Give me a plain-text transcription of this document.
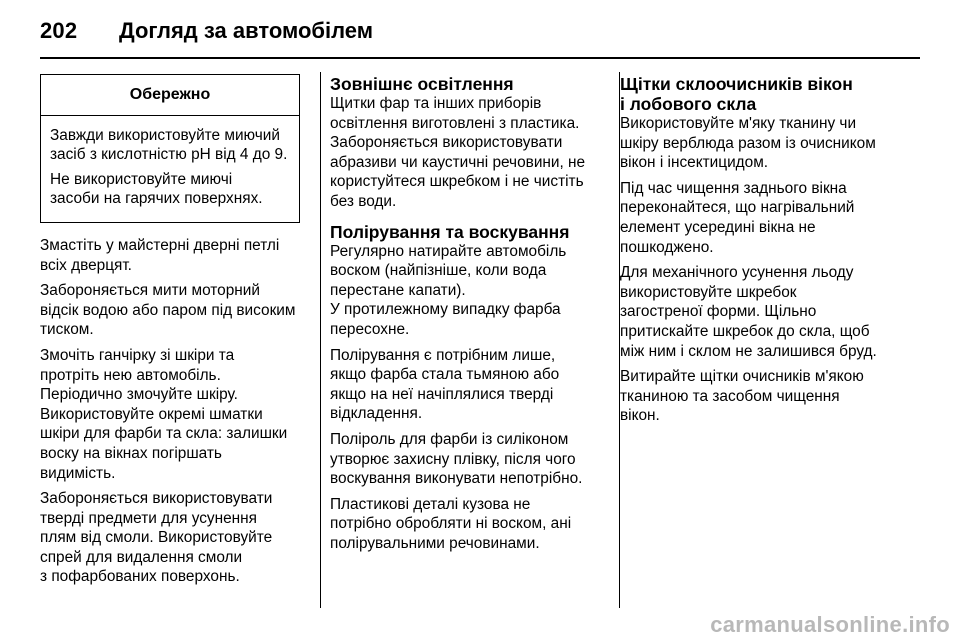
202 Догляд за автомобілем
Обережно

Завжди використовуйте миючий
засіб з кислотністю pH від 4 до 9.

Не використовуйте миючі
засоби на гарячих поверхнях.

Змастіть у майстерні дверні петлі
всіх дверцят.

Забороняється мити моторний
відсік водою або паром під високим
тиском.

Змочіть ганчірку зі шкіри та
протріть нею автомобіль.
Періодично змочуйте шкіру.
Використовуйте окремі шматки
шкіри для фарби та скла: залишки
воску на вікнах погіршать
видимість.

Забороняється використовувати
тверді предмети для усунення
плям від смоли. Використовуйте
спрей для видалення смоли
з пофарбованих поверхонь.

Зовнішнє освітлення

Щитки фар та інших приборів
освітлення виготовлені з пластика.
Забороняється використовувати
абразиви чи каустичні речовини, не
користуйтеся шкребком і не чистіть
без води.

Полірування та воскування

Регулярно натирайте автомобіль
воском (найпізніше, коли вода
перестане капати).
У протилежному випадку фарба
пересохне.

Полірування є потрібним лише,
якщо фарба стала тьмяною або
якщо на неї начіплялися тверді
відкладення.

Поліроль для фарби із силіконом
утворює захисну плівку, після чого
воскування виконувати непотрібно.

Пластикові деталі кузова не
потрібно обробляти ні воском, ані
полірувальними речовинами.

Щітки склоочисників вікон
і лобового скла

Використовуйте м'яку тканину чи
шкіру верблюда разом із очисником
вікон і інсектицидом.

Під час чищення заднього вікна
переконайтеся, що нагрівальний
елемент усередині вікна не
пошкоджено.

Для механічного усунення льоду
використовуйте шкребок
загостреної форми. Щільно
притискайте шкребок до скла, щоб
між ним і склом не залишився бруд.

Витирайте щітки очисників м'якою
тканиною та засобом чищення
вікон.

carmanualsonline.info
